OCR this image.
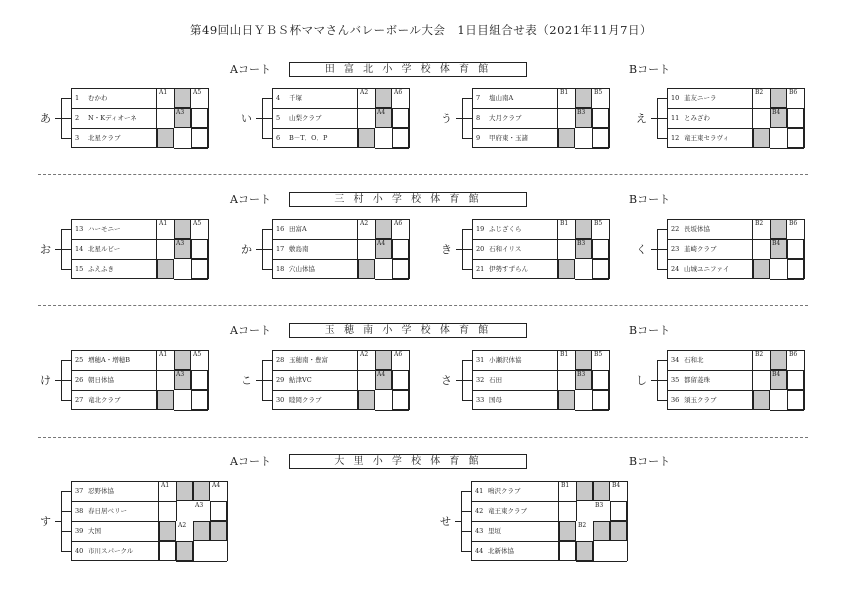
第49回山日ＹＢＳ杯ママさんバレーボール大会　1日目組合せ表（2021年11月7日）
Aコート	Bコート
田 富 北 小 学 校 体 育 館
あ
1 むかわ
2 N・Kディオーネ
3 北星クラブ
A1	A5
A3	い
4 千塚
5 山梨クラブ
6 B－T．O．P
A2	A6
A4	う
7 塩山南A
8 大月クラブ
9 甲府東・玉諸
B1	B5
B3	え
10 韮友ニーラ
11 とみざわ
12 竜王東セラヴィ
B2	B6
B4
Aコート	Bコート
三 村 小 学 校 体 育 館
お
13 ハーモニー
14 北星ルビー
15 ふえふき
A1	A5
A3	か
16 田富A
17 敷島南
18 穴山体協
A2	A6
A4	き
19 ふじざくら
20 石和イリス
21 伊勢すずらん
B1	B5
B3	く
22 長坂体協
23 韮崎クラブ
24 山城ユニファイ
B2	B6
B4
Aコート	Bコート
玉 穂 南 小 学 校 体 育 館
け
25 増穂A・増穂B
26 朝日体協
27 竜北クラブ
A1	A5
A3	こ
28 玉穂南・豊富
29 鮎津VC
30 睦岡クラブ
A2	A6
A4	さ
31 小瀬沢体協
32 石田
33 国母
B1	B5
B3	し
34 石和北
35 都留菱珠
36 須玉クラブ
B2	B6
B4
Aコート	Bコート
大 里 小 学 校 体 育 館
す
37 忍野体協
38 春日居ベリー
39 大国
40 市川スパークル
A1	A4
A3
A2	せ
41 鳴沢クラブ
42 竜王東クラブ
43 里垣
44 北新体協
B1	B4
B3
B2
